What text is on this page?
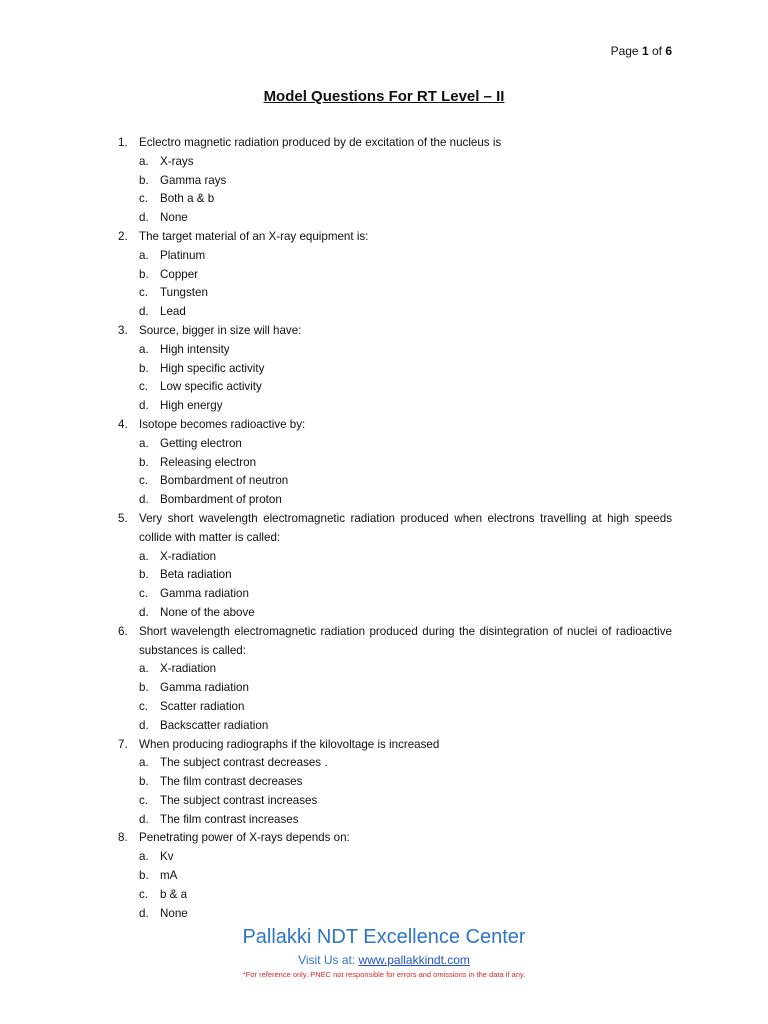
Page 1 of 6
Model Questions For RT Level – II
1. Eclectro magnetic radiation produced by de excitation of the nucleus is
a. X-rays
b. Gamma rays
c. Both a & b
d. None
2. The target material of an X-ray equipment is:
a. Platinum
b. Copper
c. Tungsten
d. Lead
3. Source, bigger in size will have:
a. High intensity
b. High specific activity
c. Low specific activity
d. High energy
4. Isotope becomes radioactive by:
a. Getting electron
b. Releasing electron
c. Bombardment of neutron
d. Bombardment of proton
5. Very short wavelength electromagnetic radiation produced when electrons travelling at high speeds collide with matter is called:
a. X-radiation
b. Beta radiation
c. Gamma radiation
d. None of the above
6. Short wavelength electromagnetic radiation produced during the disintegration of nuclei of radioactive substances is called:
a. X-radiation
b. Gamma radiation
c. Scatter radiation
d. Backscatter radiation
7. When producing radiographs if the kilovoltage is increased
a. The subject contrast decreases .
b. The film contrast decreases
c. The subject contrast increases
d. The film contrast increases
8. Penetrating power of X-rays depends on:
a. Kv
b. mA
c. b & a
d. None
Pallakki NDT Excellence Center
Visit Us at: www.pallakkindt.com
*For reference only. PNEC not responsible for errors and omissions in the data if any.
